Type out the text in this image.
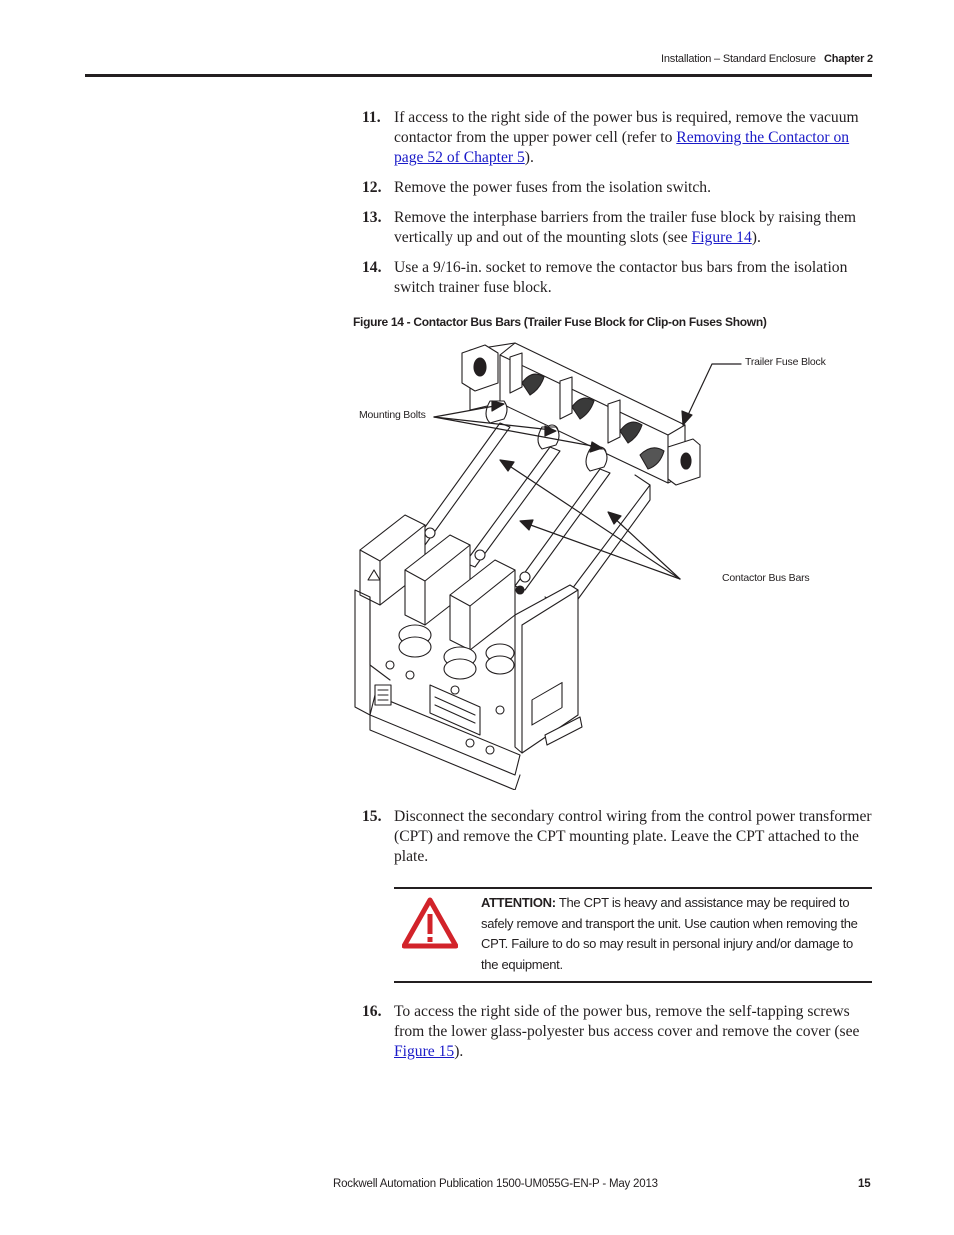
Installation – Standard Enclosure Chapter 2
11. If access to the right side of the power bus is required, remove the vacuum contactor from the upper power cell (refer to Removing the Contactor on page 52 of Chapter 5).
12. Remove the power fuses from the isolation switch.
13. Remove the interphase barriers from the trailer fuse block by raising them vertically up and out of the mounting slots (see Figure 14).
14. Use a 9/16-in. socket to remove the contactor bus bars from the isolation switch trainer fuse block.
Figure 14 - Contactor Bus Bars (Trailer Fuse Block for Clip-on Fuses Shown)
Trailer Fuse Block
Mounting Bolts
Contactor Bus Bars
15. Disconnect the secondary control wiring from the control power transformer (CPT) and remove the CPT mounting plate. Leave the CPT attached to the plate.
ATTENTION: The CPT is heavy and assistance may be required to safely remove and transport the unit. Use caution when removing the CPT. Failure to do so may result in personal injury and/or damage to the equipment.
16. To access the right side of the power bus, remove the self-tapping screws from the lower glass-polyester bus access cover and remove the cover (see Figure 15).
Rockwell Automation Publication 1500-UM055G-EN-P - May 2013	15
